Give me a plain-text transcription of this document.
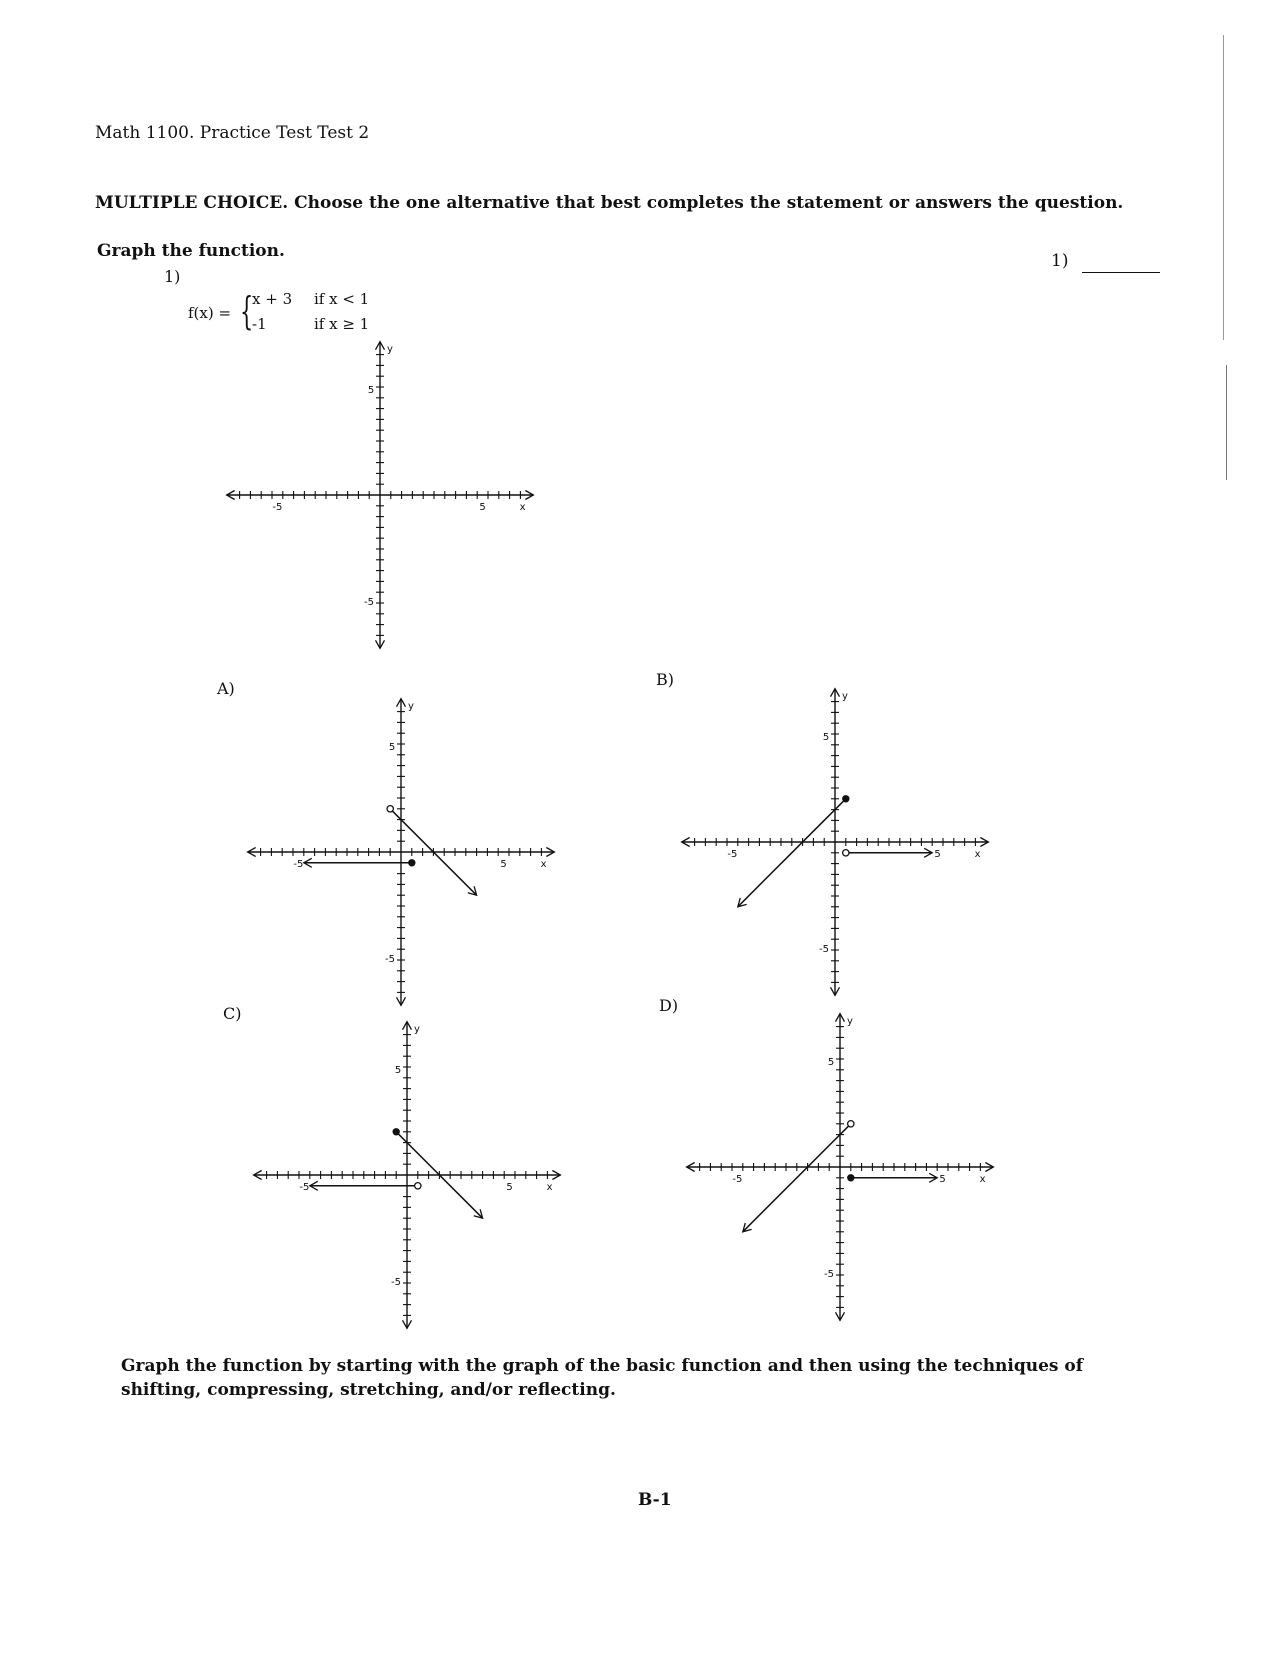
Math 1100. Practice Test Test 2
MULTIPLE CHOICE. Choose the one alternative that best completes the statement or answers the question.
Graph the function.
1)
1)
f(x) = {
x + 3 if x < 1
-1	if x ≥ 1
-5	5
5
-5
x
y
A)
-5	5
5
-5
x
y
B)
-5	5
5
-5
x
y
C)
-5	5
5
-5
x
y
D)
-5	5
5
-5
x
y
Graph the function by starting with the graph of the basic function and then using the techniques of shifting, compressing, stretching, and/or reflecting.
B-1
